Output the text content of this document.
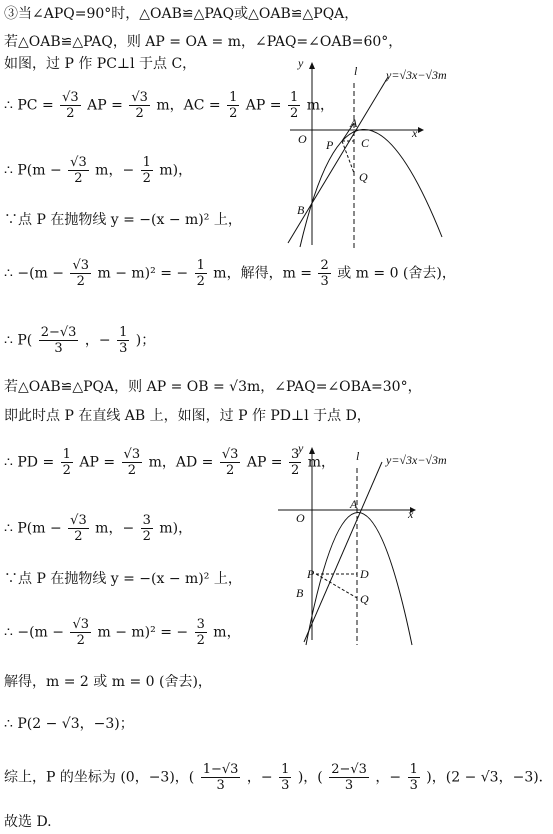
③当∠APQ=90°时，△OAB≌△PAQ或△OAB≌△PQA，
若△OAB≌△PAQ，则 AP = OA = m，∠PAQ=∠OAB=60°，
如图，过 P 作 PC⊥l 于点 C，
∴ PC = $\frac{√3}{2}$ AP = $\frac{√3}{2}$ m，AC = $\frac{1}{2}$ AP = $\frac{1}{2}$ m，
∴ $P(m - \frac{√3}{2}$ m，− $\frac{1}{2} m$)，
∵点 P 在抛物线 y = −(x − m)² 上，
∴ $-(m - \frac{√3}{2}$ m − m)² = − $\frac{1}{2}$ m，解得，$m = \frac{2}{3}$ 或 m = 0 (舍去)，
∴ $P( \frac{2-√3}{3}$ ，− $\frac{1}{3}$ )；
若△OAB≌△PQA，则 AP = OB = √3m，∠PAQ=∠OBA=30°，
即此时点 P 在直线 AB 上，如图，过 P 作 PD⊥l 于点 D，
∴ PD = $\frac{1}{2}$ AP = $\frac{√3}{2}$ m，AD = $\frac{√3}{2}$ AP = $\frac{3}{2}$ m，
∴ $P(m - \frac{√3}{2}$ m，− $\frac{3}{2} m$)，
∵点 P 在抛物线 y = −(x − m)² 上，
∴ $-(m - \frac{√3}{2}$ m − m)² = − $\frac{3}{2}$ m，
解得，m = 2 或 m = 0 (舍去)，
∴ P(2 − √3，−3)；
综上，P 的坐标为 (0，−3)，( $\frac{1-√3}{3}$ ，− $\frac{1}{3}$ )，( $\frac{2-√3}{3}$ ，− $\frac{1}{3}$ )，(2 − √3，−3)．
故选 D.
y
l y=√3x−√3m
x
O
A
P C
Q
B
y
l y=√3x−√3m
x
O
A
P	D
Q
B
